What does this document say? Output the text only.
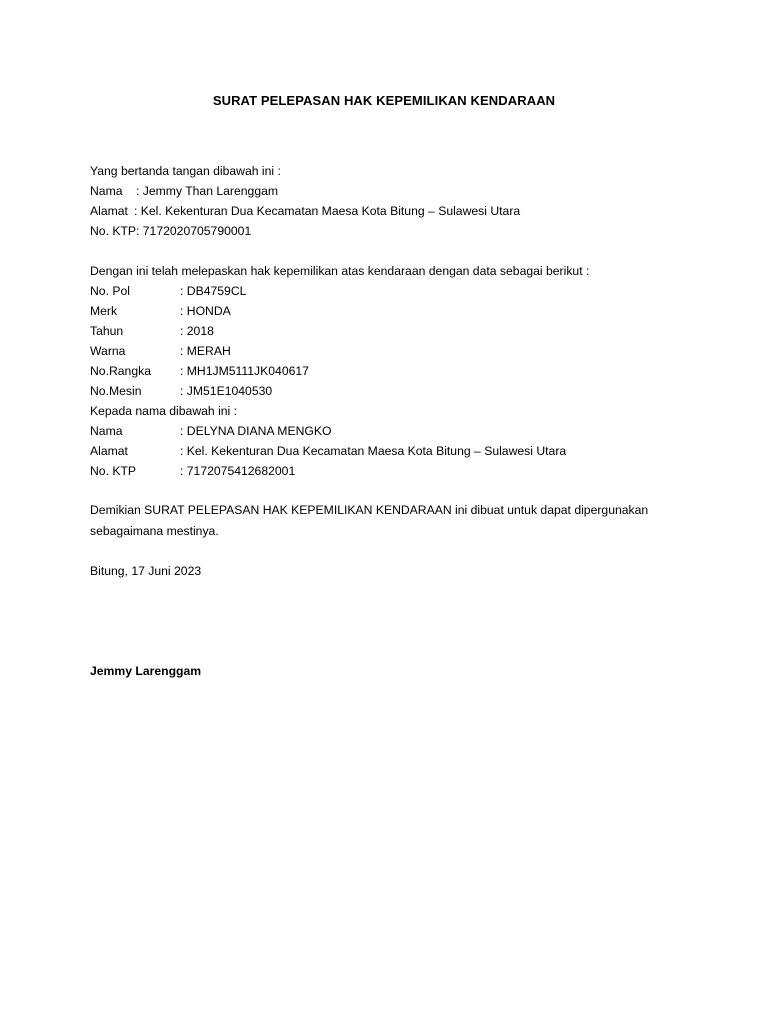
SURAT PELEPASAN HAK KEPEMILIKAN KENDARAAN
Yang bertanda tangan dibawah ini :
Nama : Jemmy Than Larenggam
Alamat : Kel. Kekenturan Dua Kecamatan Maesa Kota Bitung – Sulawesi Utara
No. KTP: 7172020705790001
Dengan ini telah melepaskan hak kepemilikan atas kendaraan dengan data sebagai berikut :
No. Pol	: DB4759CL
Merk	: HONDA
Tahun	: 2018
Warna	: MERAH
No.Rangka : MH1JM5111JK040617
No.Mesin	: JM51E1040530
Kepada nama dibawah ini :
Nama	: DELYNA DIANA MENGKO
Alamat	: Kel. Kekenturan Dua Kecamatan Maesa Kota Bitung – Sulawesi Utara
No. KTP	: 7172075412682001
Demikian SURAT PELEPASAN HAK KEPEMILIKAN KENDARAAN ini dibuat untuk dapat dipergunakan sebagaimana mestinya.
Bitung, 17 Juni 2023
Jemmy Larenggam
